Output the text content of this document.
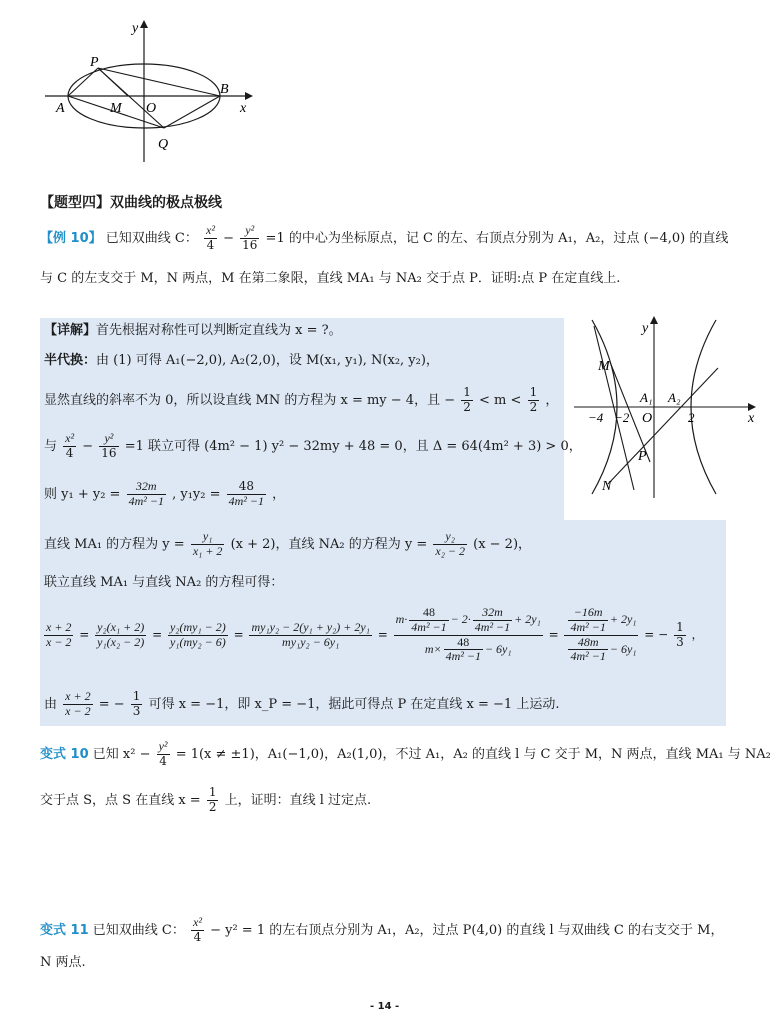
y
x
P
A	M O
B
Q
【题型四】双曲线的极点极线
【例 10】 已知双曲线 C： $\frac{\text{x²}}{4} - \frac{\text{y²}}{16} =1$ 的中心为坐标原点，记 C 的左、右顶点分别为 A₁，A₂，过点 (−4,0) 的直线
与 C 的左支交于 M，N 两点，M 在第二象限，直线 MA₁ 与 NA₂ 交于点 P．证明:点 P 在定直线上.
【详解】首先根据对称性可以判断定直线为 x = ?。
半代换：由 (1) 可得 A₁(−2,0), A₂(2,0)，设 M(x₁, y₁), N(x₂, y₂)，
显然直线的斜率不为 0，所以设直线 MN 的方程为 x = my − 4，且 − $\frac{1}{2} < m < \frac{1}{2}$ ，
与 $\frac{\text{x²}}{4} - \frac{\text{y²}}{16} =1$ 联立可得 (4m² − 1) y² − 32my + 48 = 0，且 Δ = 64(4m² + 3) > 0，
则 $y_1 + y_2 = \frac{32m}{\text{4m² −1}}$ , $y_1y_2 = \frac{48}{\text{4m² −1}}$ ，
直线 MA₁ 的方程为 $y = \frac{\text{y₁}}{\text{x₁ + 2}} (x + 2)$，直线 NA₂ 的方程为 $y = \frac{\text{y₂}}{\text{x₂ − 2}} (x - 2)$，
联立直线 MA₁ 与直线 NA₂ 的方程可得：
$\frac{x + 2}{x - 2} = \frac{\text{y₂(x₁ + 2)}}{\text{y₁(x₂ − 2)}} = \frac{\text{y₂(my₁ − 2)}}{\text{y₁(my₂ − 6)}} = \frac{\text{my₁y₂ − 2(y₁ + y₂) + 2y₁}}{\text{my₁y₂ − 6y₁}} = \frac{m\cdot \frac{48}{\text{4m² −1}} - 2\cdot \frac{32m}{\text{4m² −1}} + 2y_1}{m\times \frac{48}{\text{4m² −1}} - 6y_1} = \frac{\frac{-16m}{\text{4m² −1}} + 2y_1}{\frac{48m}{\text{4m² −1}} - 6y_1}$ = − $\frac{1}{3}$ ，
由 $\frac{x + 2}{x - 2}$ = − $\frac{1}{3}$ 可得 x = −1，即 x_P = −1，据此可得点 P 在定直线 x = −1 上运动.
y
x
M
A₁ A₂
−4 −2 O	2
P
N
变式 10 已知 $x^2 - \frac{\text{y²}}{4} = 1(x \ne \pm 1)$，A₁(−1,0)，A₂(1,0)，不过 A₁，A₂ 的直线 l 与 C 交于 M，N 两点，直线 MA₁ 与 NA₂
交于点 S，点 S 在直线 $x = \frac{1}{2}$ 上，证明：直线 l 过定点.
变式 11 已知双曲线 C： $\frac{\text{x²}}{4} - y^2 = 1$ 的左右顶点分别为 A₁，A₂，过点 P(4,0) 的直线 l 与双曲线 C 的右支交于 M，
N 两点.
- 14 -
